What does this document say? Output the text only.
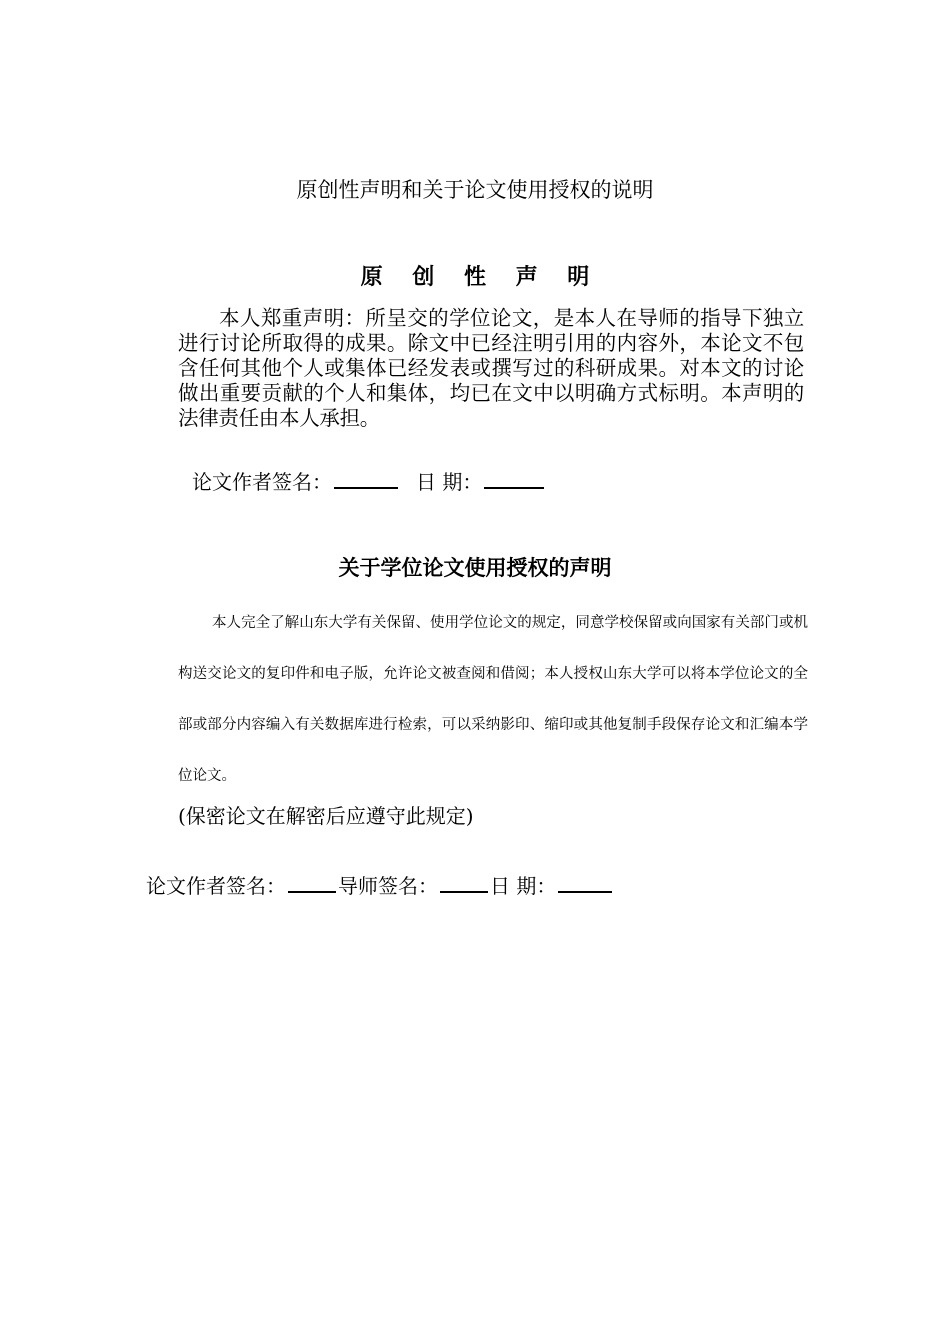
原创性声明和关于论文使用授权的说明
原 创 性 声 明
本人郑重声明：所呈交的学位论文，是本人在导师的指导下独立进行讨论所取得的成果。除文中已经注明引用的内容外，本论文不包含任何其他个人或集体已经发表或撰写过的科研成果。对本文的讨论做出重要贡献的个人和集体，均已在文中以明确方式标明。本声明的法律责任由本人承担。
论文作者签名：	日 期：
关于学位论文使用授权的声明
本人完全了解山东大学有关保留、使用学位论文的规定，同意学校保留或向国家有关部门或机构送交论文的复印件和电子版，允许论文被查阅和借阅；本人授权山东大学可以将本学位论文的全部或部分内容编入有关数据库进行检索，可以采纳影印、缩印或其他复制手段保存论文和汇编本学位论文。
(保密论文在解密后应遵守此规定)
论文作者签名：	导师签名：	日 期：
